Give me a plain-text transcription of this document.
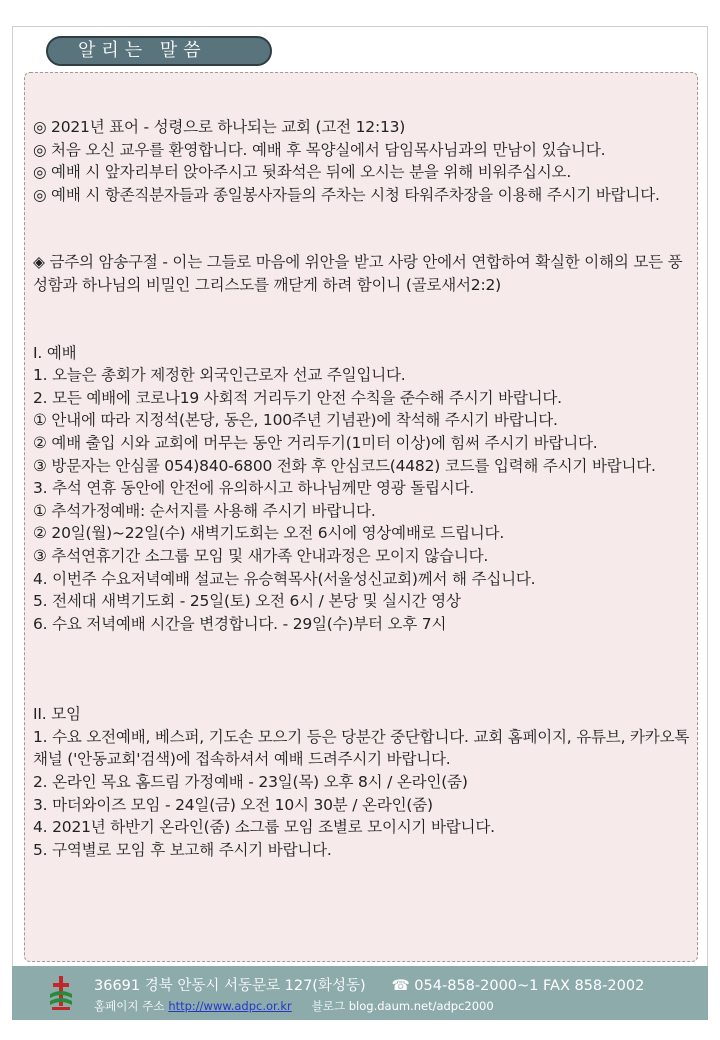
알리는 말씀

◎ 2021년 표어 - 성령으로 하나되는 교회 (고전 12:13)

◎ 처음 오신 교우를 환영합니다. 예배 후 목양실에서 담임목사님과의 만남이 있습니다.

◎ 예배 시 앞자리부터 앉아주시고 뒷좌석은 뒤에 오시는 분을 위해 비워주십시오.

◎ 예배 시 항존직분자들과 종일봉사자들의 주차는 시청 타워주차장을 이용해 주시기 바랍니다.

◈ 금주의 암송구절 - 이는 그들로 마음에 위안을 받고 사랑 안에서 연합하여 확실한 이해의 모든 풍성함과 하나님의 비밀인 그리스도를 깨닫게 하려 함이니 (골로새서2:2)

I. 예배

1. 오늘은 총회가 제정한 외국인근로자 선교 주일입니다.

2. 모든 예배에 코로나19 사회적 거리두기 안전 수칙을 준수해 주시기 바랍니다.

① 안내에 따라 지정석(본당, 동은, 100주년 기념관)에 착석해 주시기 바랍니다.

② 예배 출입 시와 교회에 머무는 동안 거리두기(1미터 이상)에 힘써 주시기 바랍니다.

③ 방문자는 안심콜 054)840-6800 전화 후 안심코드(4482) 코드를 입력해 주시기 바랍니다.

3. 추석 연휴 동안에 안전에 유의하시고 하나님께만 영광 돌립시다.

① 추석가정예배: 순서지를 사용해 주시기 바랍니다.

② 20일(월)~22일(수) 새벽기도회는 오전 6시에 영상예배로 드립니다.

③ 추석연휴기간 소그룹 모임 및 새가족 안내과정은 모이지 않습니다.

4. 이번주 수요저녁예배 설교는 유승혁목사(서울성신교회)께서 해 주십니다.

5. 전세대 새벽기도회 - 25일(토) 오전 6시 / 본당 및 실시간 영상

6. 수요 저녁예배 시간을 변경합니다. - 29일(수)부터 오후 7시

II. 모임

1. 수요 오전예배, 베스퍼, 기도손 모으기 등은 당분간 중단합니다. 교회 홈페이지, 유튜브, 카카오톡 채널 ('안동교회'검색)에 접속하셔서 예배 드려주시기 바랍니다.

2. 온라인 목요 홈드림 가정예배 - 23일(목) 오후 8시 / 온라인(줌)

3. 마더와이즈 모임 - 24일(금) 오전 10시 30분 / 온라인(줌)

4. 2021년 하반기 온라인(줌) 소그룹 모임 조별로 모이시기 바랍니다.

5. 구역별로 모임 후 보고해 주시기 바랍니다.

36691 경북 안동시 서동문로 127(화성동) ☎ 054-858-2000~1 FAX 858-2002
홈페이지 주소 http://www.adpc.or.kr 블로그 blog.daum.net/adpc2000
